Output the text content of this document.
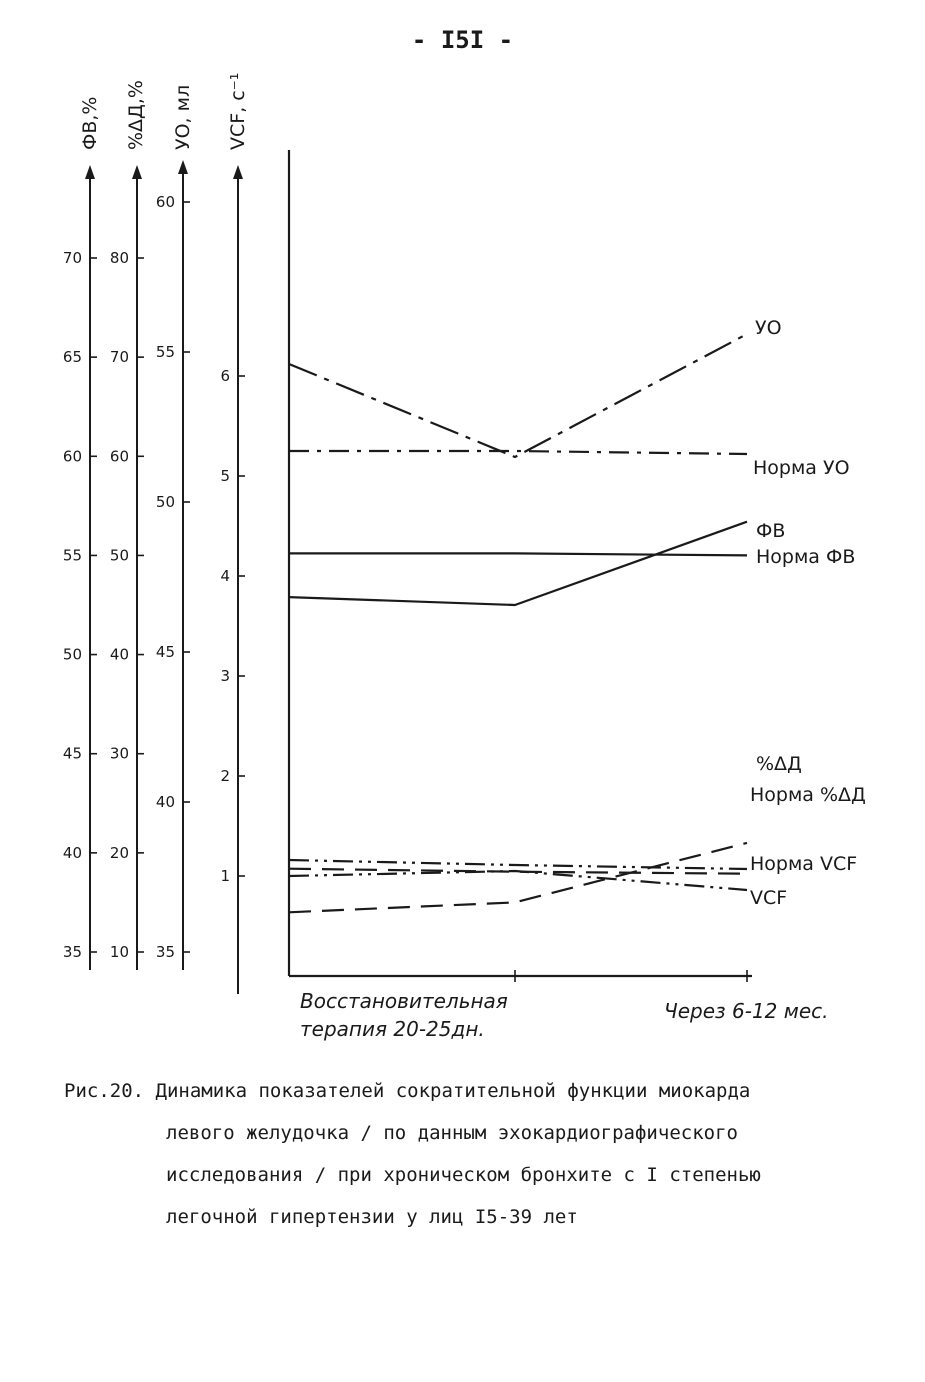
- I5I -
ФВ,%
35
40
45
50
55
60
65
70
%ΔД,%
10
20
30
40
50
60
70
80
УО, мл
35
40
45
50
55
60
VCF, c⁻¹
1
2
3
4
5
6
УО
Норма УО
ФВ
Норма ФВ
%ΔД
Норма %ΔД
Норма VCF
VCF
Восстановительная
терапия 20-25дн.
Через 6-12 мес.
Рис.20. Динамика показателей сократительной функции миокарда
левого желудочка / по данным эхокардиографического
исследования / при хроническом бронхите с I степенью
легочной гипертензии у лиц I5-39 лет
